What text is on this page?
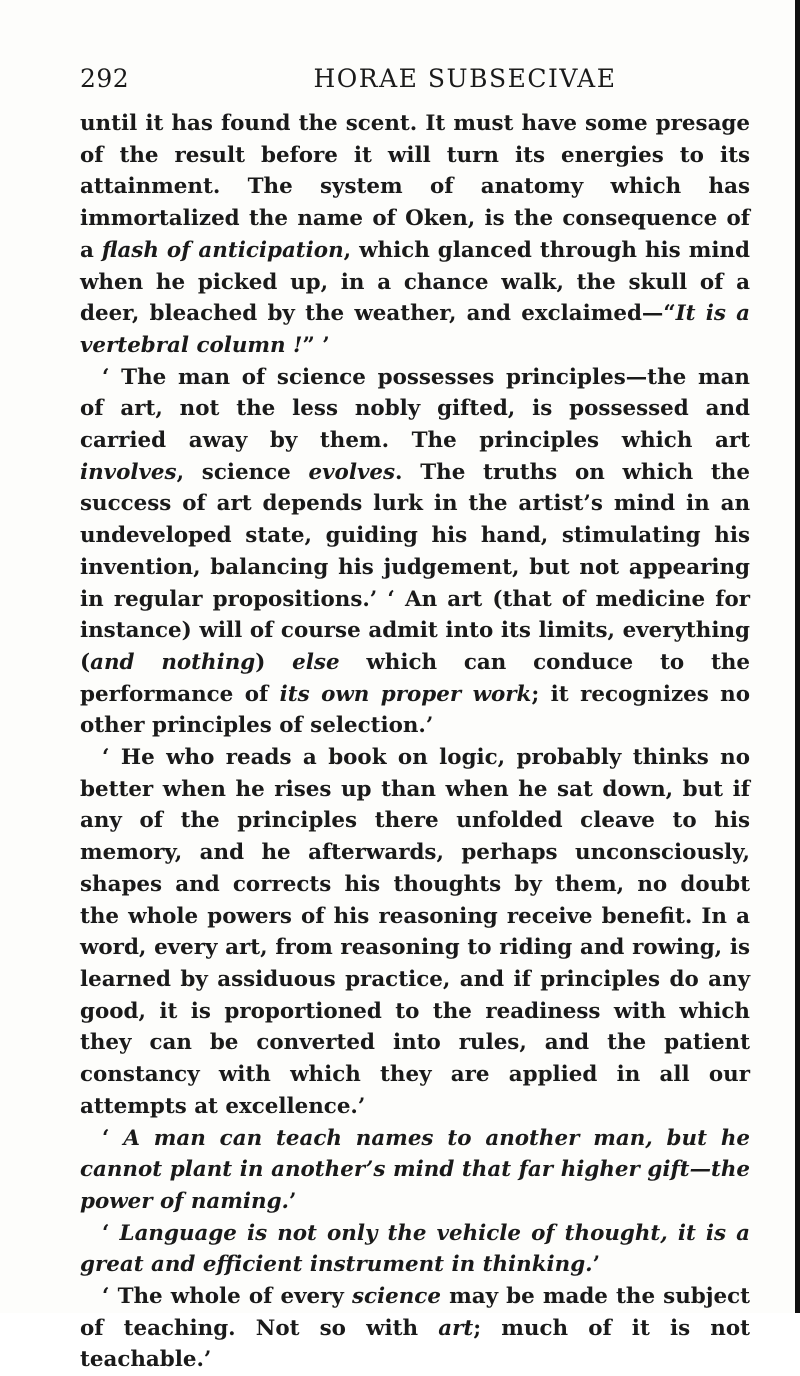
292	HORAE SUBSECIVAE

until it has found the scent. It must have some presage of the result before it will turn its energies to its attainment. The system of anatomy which has immortalized the name of Oken, is the consequence of a flash of anticipation, which glanced through his mind when he picked up, in a chance walk, the skull of a deer, bleached by the weather, and exclaimed—“It is a vertebral column !” ’

‘ The man of science possesses principles—the man of art, not the less nobly gifted, is possessed and carried away by them. The principles which art involves, science evolves. The truths on which the success of art depends lurk in the artist’s mind in an undeveloped state, guiding his hand, stimulating his invention, balancing his judgement, but not appearing in regular propositions.’ ‘ An art (that of medicine for instance) will of course admit into its limits, everything (and nothing) else which can conduce to the performance of its own proper work; it recognizes no other principles of selection.’

‘ He who reads a book on logic, probably thinks no better when he rises up than when he sat down, but if any of the principles there unfolded cleave to his memory, and he afterwards, perhaps unconsciously, shapes and corrects his thoughts by them, no doubt the whole powers of his reasoning receive benefit. In a word, every art, from reasoning to riding and rowing, is learned by assiduous practice, and if principles do any good, it is proportioned to the readiness with which they can be converted into rules, and the patient constancy with which they are applied in all our attempts at excellence.’

‘ A man can teach names to another man, but he cannot plant in another’s mind that far higher gift—the power of naming.’

‘ Language is not only the vehicle of thought, it is a great and efficient instrument in thinking.’

‘ The whole of every science may be made the subject of teaching. Not so with art; much of it is not teachable.’
